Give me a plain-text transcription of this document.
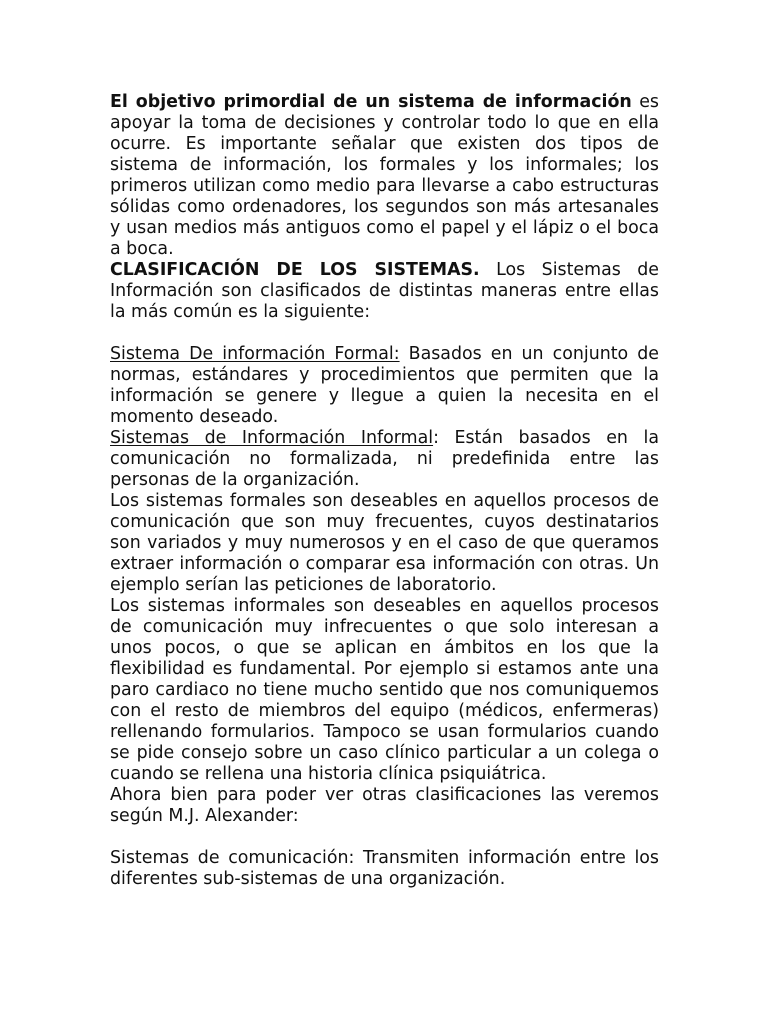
El objetivo primordial de un sistema de información es apoyar la toma de decisiones y controlar todo lo que en ella ocurre. Es importante señalar que existen dos tipos de sistema de información, los formales y los informales; los primeros utilizan como medio para llevarse a cabo estructuras sólidas como ordenadores, los segundos son más artesanales y usan medios más antiguos como el papel y el lápiz o el boca a boca.

CLASIFICACIÓN DE LOS SISTEMAS. Los Sistemas de Información son clasificados de distintas maneras entre ellas la más común es la siguiente:

Sistema De información Formal: Basados en un conjunto de normas, estándares y procedimientos que permiten que la información se genere y llegue a quien la necesita en el momento deseado.

Sistemas de Información Informal: Están basados en la comunicación no formalizada, ni predefinida entre las personas de la organización.

Los sistemas formales son deseables en aquellos procesos de comunicación que son muy frecuentes, cuyos destinatarios son variados y muy numerosos y en el caso de que queramos extraer información o comparar esa información con otras. Un ejemplo serían las peticiones de laboratorio.

Los sistemas informales son deseables en aquellos procesos de comunicación muy infrecuentes o que solo interesan a unos pocos, o que se aplican en ámbitos en los que la flexibilidad es fundamental. Por ejemplo si estamos ante una paro cardiaco no tiene mucho sentido que nos comuniquemos con el resto de miembros del equipo (médicos, enfermeras) rellenando formularios. Tampoco se usan formularios cuando se pide consejo sobre un caso clínico particular a un colega o cuando se rellena una historia clínica psiquiátrica.

Ahora bien para poder ver otras clasificaciones las veremos según M.J. Alexander:

Sistemas de comunicación: Transmiten información entre los diferentes sub-sistemas de una organización.
